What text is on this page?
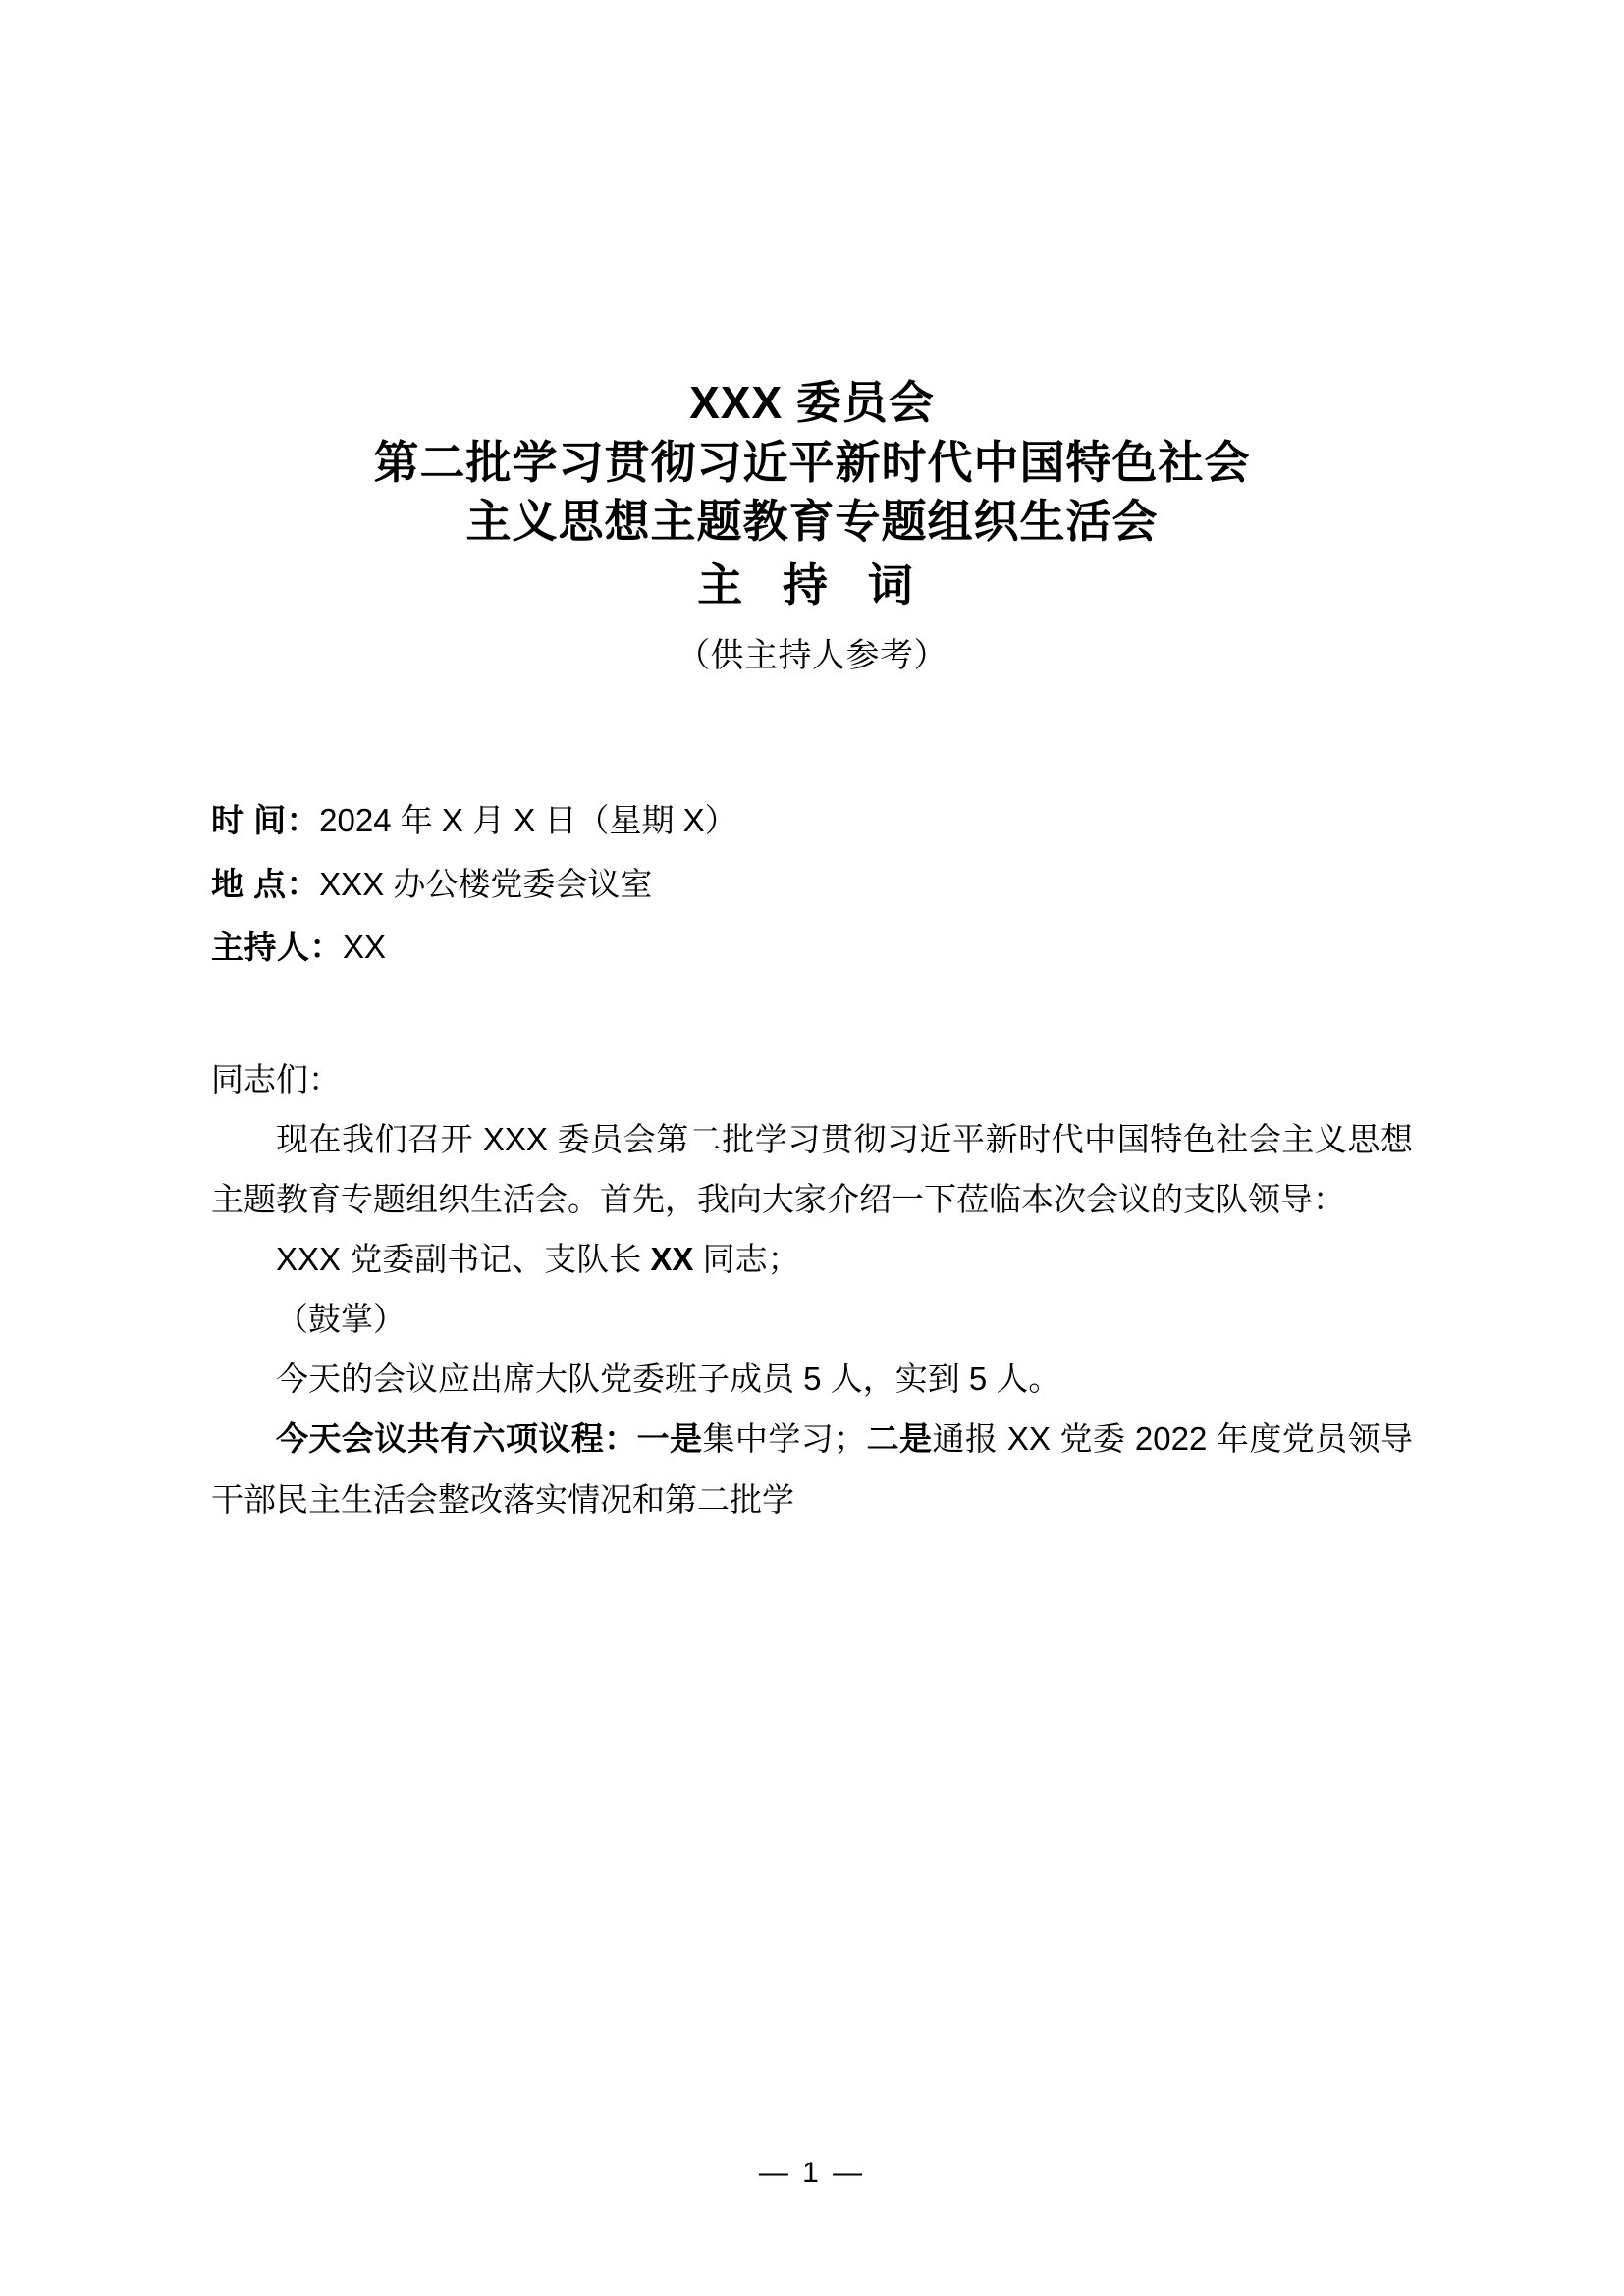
XXX 委员会
第二批学习贯彻习近平新时代中国特色社会
主义思想主题教育专题组织生活会
主 持 词
（供主持人参考）
时 间：2024 年 X 月 X 日（星期 X）
地 点：XXX 办公楼党委会议室
主持人：XX
同志们：
现在我们召开 XXX 委员会第二批学习贯彻习近平新时代中国特色社会主义思想主题教育专题组织生活会。首先，我向大家介绍一下莅临本次会议的支队领导：
XXX 党委副书记、支队长 XX 同志；
（鼓掌）
今天的会议应出席大队党委班子成员 5 人，实到 5 人。
今天会议共有六项议程：一是集中学习；二是通报 XX 党委 2022 年度党员领导干部民主生活会整改落实情况和第二批学
— 1 —
